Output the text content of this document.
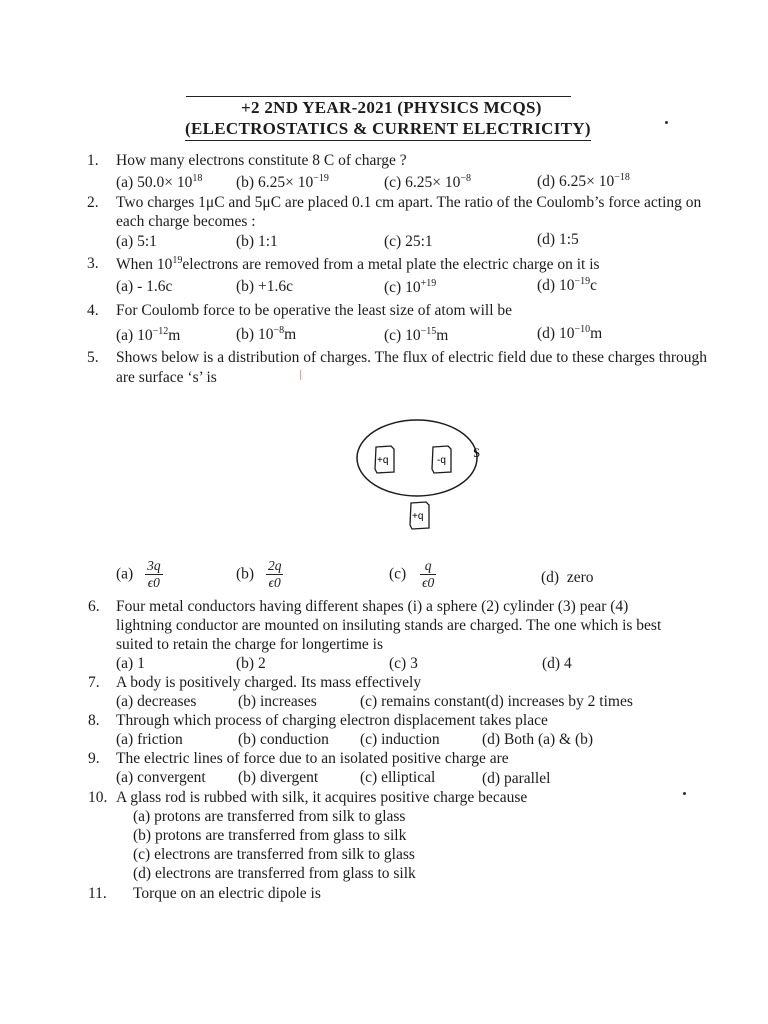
+2 2ND YEAR-2021 (PHYSICS MCQS)
(ELECTROSTATICS & CURRENT ELECTRICITY)
1. How many electrons constitute 8 C of charge ?
(a) $50.0\times 10^{18}$ (b) $6.25\times 10^{-19}$	(c) $6.25\times 10^{-8}$	(d) $6.25\times 10^{-18}$
2. Two charges 1μC and 5μC are placed 0.1 cm apart. The ratio of the Coulomb’s force acting on
each charge becomes :
(a) 5:1	(b) 1:1	(c) 25:1	(d) 1:5
3. When $10^{19}electrons$ are removed from a metal plate the electric charge on it is
(a) - 1.6c	(b) +1.6c	(c) $10^{+19}$	(d) $10^{-19}c$
4. For Coulomb force to be operative the least size of atom will be
(a) $10^{-12}m$	(b) $10^{-8}m$	(c) $10^{-15}m$	(d) $10^{-10}m$
5. Shows below is a distribution of charges. The flux of electric field due to these charges through
are surface ‘s’ is
+q	-q
+q
S
$(a) \frac{3q}{\epsilon 0}$	$(b) \frac{2q}{\epsilon 0}$	$(c) \frac{q}{\epsilon 0}$	(d) zero
6. Four metal conductors having different shapes (i) a sphere (2) cylinder (3) pear (4)
lightning conductor are mounted on insiluting stands are charged. The one which is best
suited to retain the charge for longertime is
(a) 1	(b) 2	(c) 3	(d) 4
7. A body is positively charged. Its mass effectively
(a) decreases	(b) increases	(c) remains constant(d) increases by 2 times
8. Through which process of charging electron displacement takes place
(a) friction	(b) conduction (c) induction	(d) Both (a) & (b)
9. The electric lines of force due to an isolated positive charge are
(a) convergent (b) divergent	(c) elliptical	(d) parallel
10. A glass rod is rubbed with silk, it acquires positive charge because
(a) protons are transferred from silk to glass
(b) protons are transferred from glass to silk
(c) electrons are transferred from silk to glass
(d) electrons are transferred from glass to silk
11. Torque on an electric dipole is
